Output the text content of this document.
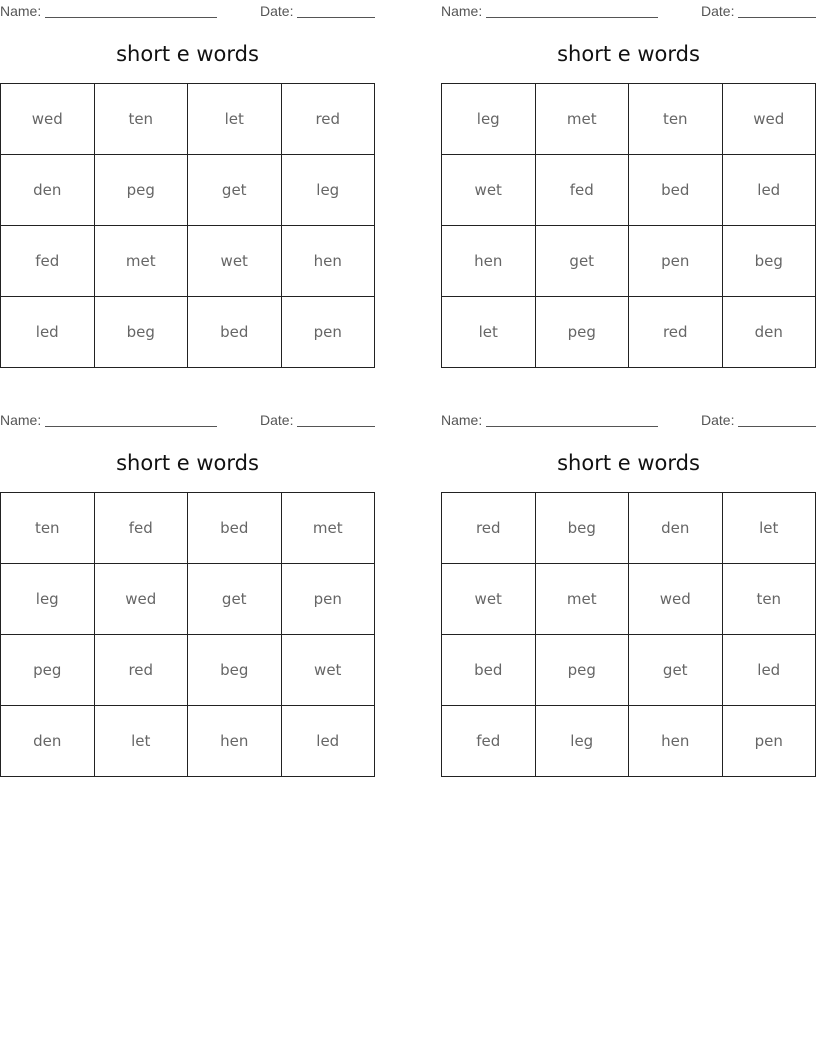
Name:	Date:
short e words
wed	ten	let	red
den	peg	get	leg
fed	met	wet	hen
led	beg	bed	pen
Name:	Date:
short e words
leg	met	ten	wed
wet	fed	bed	led
hen	get	pen	beg
let	peg	red	den
Name:	Date:
short e words
ten	fed	bed	met
leg	wed	get	pen
peg	red	beg	wet
den	let	hen	led
Name:	Date:
short e words
red	beg	den	let
wet	met	wed	ten
bed	peg	get	led
fed	leg	hen	pen
